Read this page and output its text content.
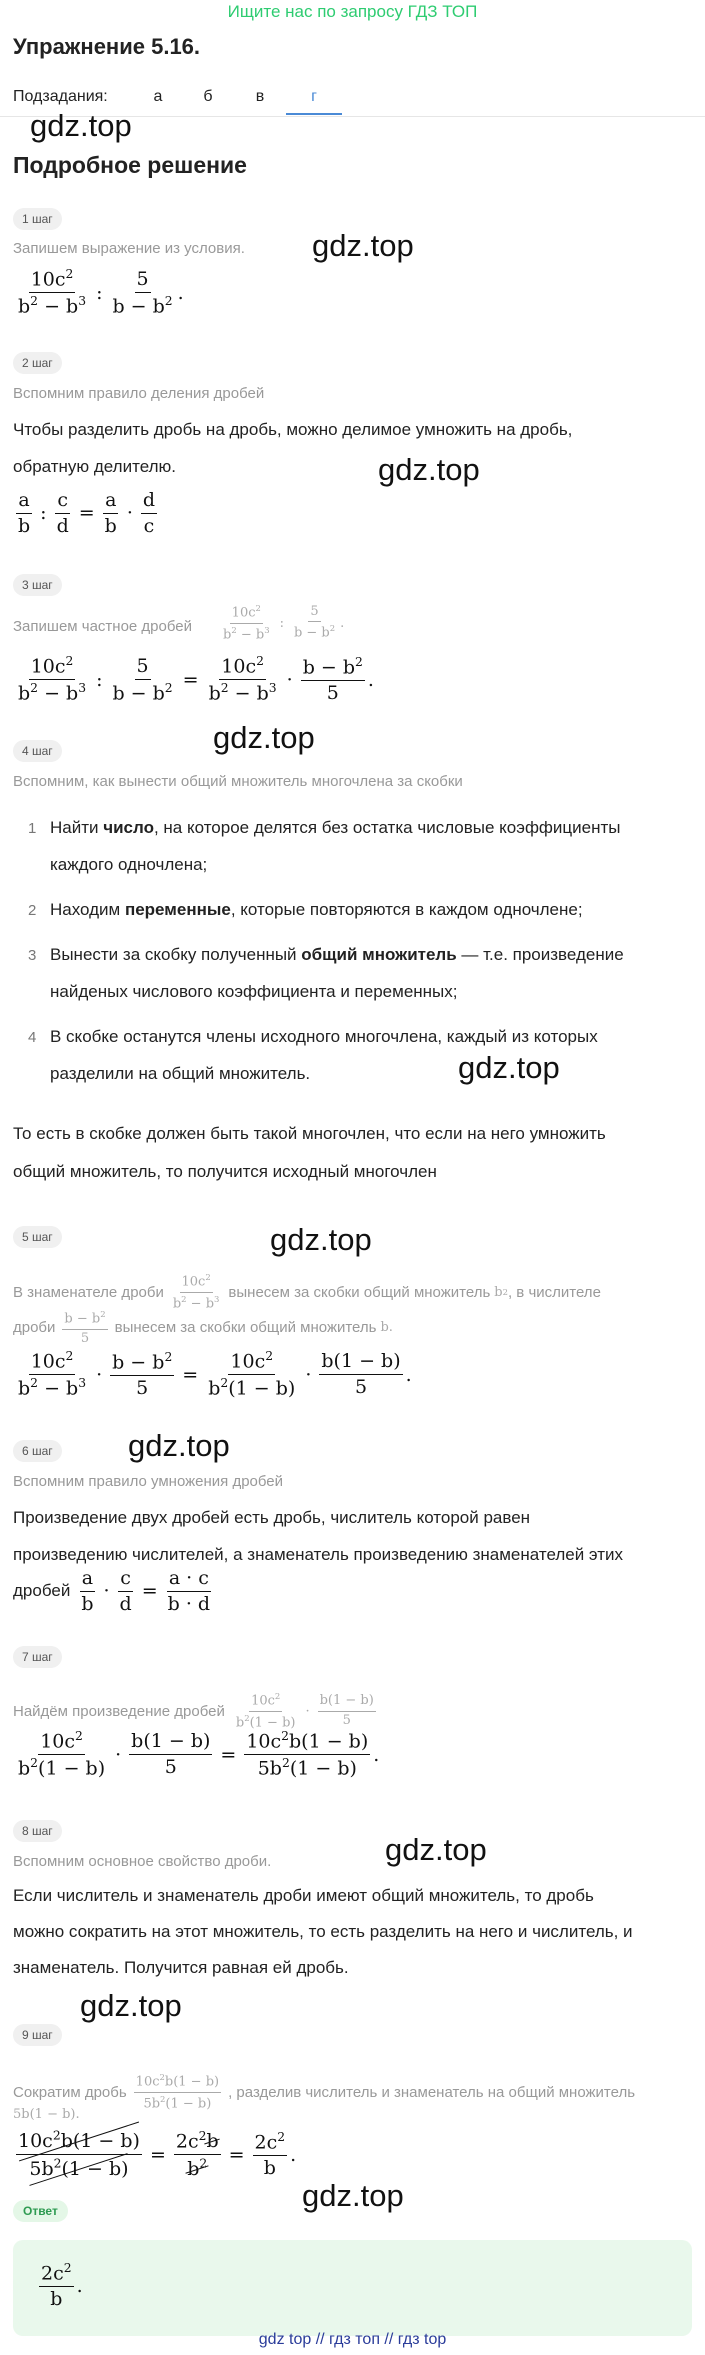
Ищите нас по запросу ГДЗ ТОП
Упражнение 5.16.
Подзадания:	а	б	в	г
gdz.top
Подробное решение
1 шаг
Запишем выражение из условия. gdz.top
$\frac{10c^2}{b^2 - b^3}$ : $\frac{5}{b - b^2}$ .
2 шаг
Вспомним правило деления дробей
Чтобы разделить дробь на дробь, можно делимое умножить на дробь,
обратную делителю.	gdz.top
$\frac{a}{b}$ : $\frac{c}{d} = \frac{a}{b} \cdot \frac{d}{c}$
3 шаг
Запишем частное дробей $\frac{10c^2}{b^2 - b^3}$ : $\frac{5}{b - b^2}$ .
$\frac{10c^2}{b^2 - b^3}$ : $\frac{5}{b - b^2} = \frac{10c^2}{b^2 - b^3} \cdot \frac{b - b^2}{5}$ .
gdz.top
4 шаг
Вспомним, как вынести общий множитель многочлена за скобки
1 Найти число, на которое делятся без остатка числовые коэффициенты
каждого одночлена;
2 Находим переменные, которые повторяются в каждом одночлене;
3 Вынести за скобку полученный общий множитель — т.е. произведение
найденых числового коэффициента и переменных;
4 В скобке останутся члены исходного многочлена, каждый из которых
разделили на общий множитель.	gdz.top
То есть в скобке должен быть такой многочлен, что если на него умножить
общий множитель, то получится исходный многочлен
5 шаг	gdz.top
В знаменателе дроби $\frac{10c^2}{b^2 - b^3}$ вынесем за скобки общий множитель b 2 , в числителе
дроби $\frac{b - b^2}{5}$ вынесем за скобки общий множитель b.
$\frac{10c^2}{b^2 - b^3} \cdot \frac{b - b^2}{5} = \frac{10c^2}{b^2(1 - b)} \cdot \frac{b(1 - b)}{5}$ .
6 шаг gdz.top
Вспомним правило умножения дробей
Произведение двух дробей есть дробь, числитель которой равен
произведению числителей, а знаменатель произведению знаменателей этих
дробей $\frac{a}{b} \cdot \frac{c}{d} = \frac{a \cdot c}{b \cdot d}$
7 шаг
Найдём произведение дробей $\frac{10c^2}{b^2(1 - b)} \cdot \frac{b(1 - b)}{5}$
$\frac{10c^2}{b^2(1 - b)} \cdot \frac{b(1 - b)}{5} = \frac{10c^2b(1 - b)}{5b^2(1 - b)}$ .
8 шаг
gdz.top
Вспомним основное свойство дроби.
Если числитель и знаменатель дроби имеют общий множитель, то дробь
можно сократить на этот множитель, то есть разделить на него и числитель, и
знаменатель. Получится равная ей дробь.
gdz.top
9 шаг
Сократим дробь $\frac{10c^2b(1 - b)}{5b^2(1 - b)}$ , разделив числитель и знаменатель на общий множитель
5b(1 − b).
$\frac{10c^2b(1 - b)}{5b^2(1 - b)} = \frac{2c^2b}{b^2} = \frac{2c^2}{b}$ .
gdz.top
Ответ
$\frac{2c^2}{b}$ .
gdz top // гдз топ // гдз top
